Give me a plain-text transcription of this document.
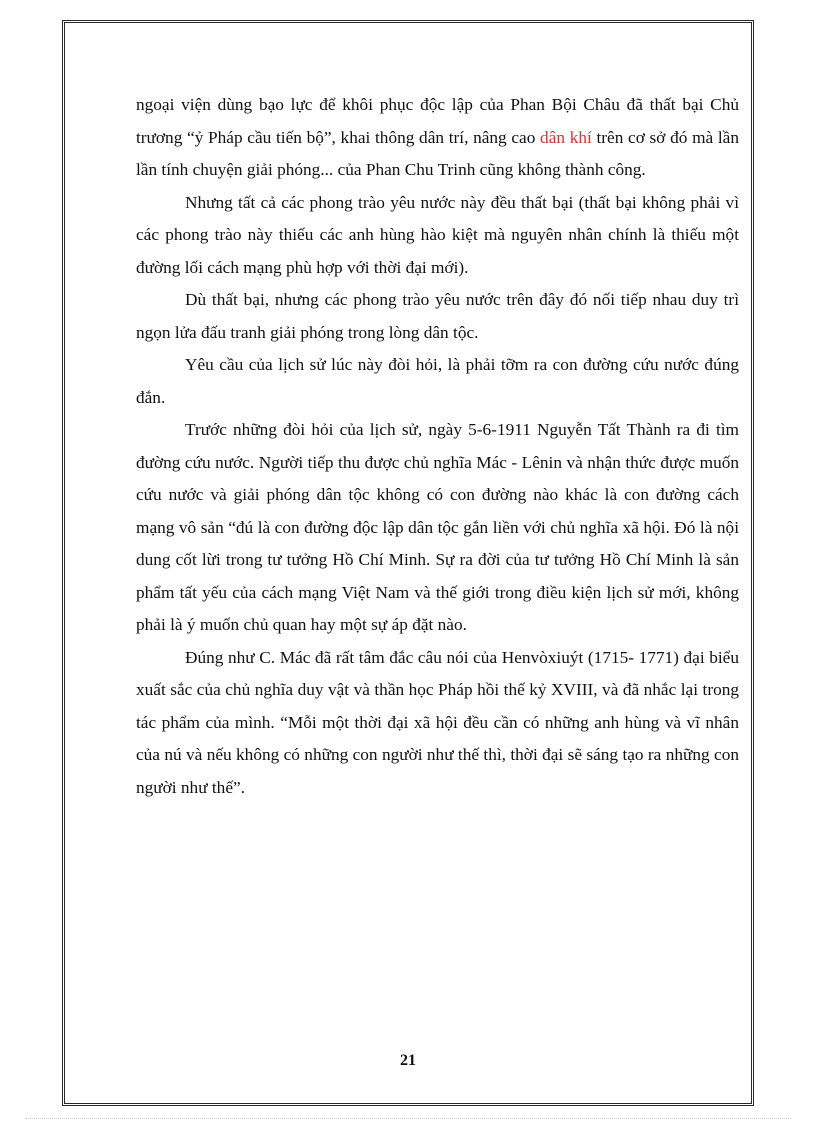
ngoại viện dùng bạo lực để khôi phục độc lập của Phan Bội Châu đã thất bại Chủ trương “ỷ Pháp cầu tiến bộ”, khai thông dân trí, nâng cao dân khí trên cơ sở đó mà lần lần tính chuyện giải phóng... của Phan Chu Trinh cũng không thành công.

Nhưng tất cả các phong trào yêu nước này đều thất bại (thất bại không phải vì các phong trào này thiếu các anh hùng hào kiệt mà nguyên nhân chính là thiếu một đường lối cách mạng phù hợp với thời đại mới).

Dù thất bại, nhưng các phong trào yêu nước trên đây đó nối tiếp nhau duy trì ngọn lửa đấu tranh giải phóng trong lòng dân tộc.

Yêu cầu của lịch sử lúc này đòi hỏi, là phải tỡm ra con đường cứu nước đúng đắn.

Trước những đòi hỏi của lịch sử, ngày 5-6-1911 Nguyễn Tất Thành ra đi tìm đường cứu nước. Người tiếp thu được chủ nghĩa Mác - Lênin và nhận thức được muốn cứu nước và giải phóng dân tộc không có con đường nào khác là con đường cách mạng vô sản “đú là con đường độc lập dân tộc gắn liền với chủ nghĩa xã hội. Đó là nội dung cốt lừi trong tư tưởng Hồ Chí Minh. Sự ra đời của tư tưởng Hồ Chí Minh là sản phẩm tất yếu của cách mạng Việt Nam và thế giới trong điều kiện lịch sử mới, không phải là ý muốn chủ quan hay một sự áp đặt nào.

Đúng như C. Mác đã rất tâm đắc câu nói của Henvòxiuýt (1715- 1771) đại biểu xuất sắc của chủ nghĩa duy vật và thần học Pháp hồi thế kỷ XVIII, và đã nhắc lại trong tác phẩm của mình. “Mỗi một thời đại xã hội đều cần có những anh hùng và vĩ nhân của nú và nếu không có những con người như thế thì, thời đại sẽ sáng tạo ra những con người như thế”.

21
